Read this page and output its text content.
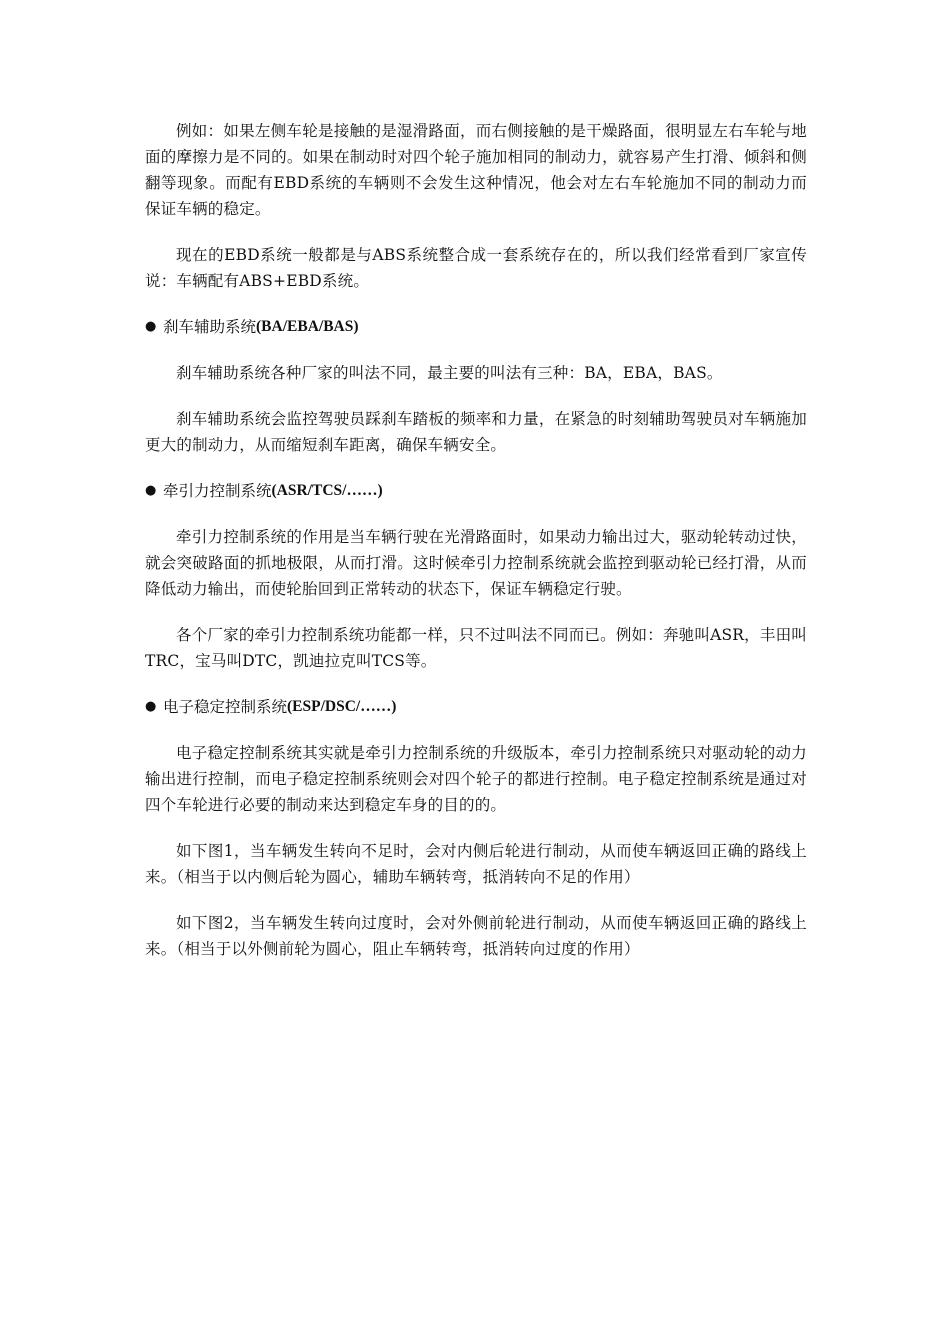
例如：如果左侧车轮是接触的是湿滑路面，而右侧接触的是干燥路面，很明显左右车轮与地面的摩擦力是不同的。如果在制动时对四个轮子施加相同的制动力，就容易产生打滑、倾斜和侧翻等现象。而配有EBD系统的车辆则不会发生这种情况，他会对左右车轮施加不同的制动力而保证车辆的稳定。

现在的EBD系统一般都是与ABS系统整合成一套系统存在的，所以我们经常看到厂家宣传说：车辆配有ABS+EBD系统。

● 刹车辅助系统 (BA/EBA/BAS)

刹车辅助系统各种厂家的叫法不同，最主要的叫法有三种：BA，EBA，BAS。

刹车辅助系统会监控驾驶员踩刹车踏板的频率和力量，在紧急的时刻辅助驾驶员对车辆施加更大的制动力，从而缩短刹车距离，确保车辆安全。

● 牵引力控制系统 (ASR/TCS/……)

牵引力控制系统的作用是当车辆行驶在光滑路面时，如果动力输出过大，驱动轮转动过快，就会突破路面的抓地极限，从而打滑。这时候牵引力控制系统就会监控到驱动轮已经打滑，从而降低动力输出，而使轮胎回到正常转动的状态下，保证车辆稳定行驶。

各个厂家的牵引力控制系统功能都一样，只不过叫法不同而已。例如：奔驰叫ASR，丰田叫TRC，宝马叫DTC，凯迪拉克叫TCS等。

● 电子稳定控制系统 (ESP/DSC/……)

电子稳定控制系统其实就是牵引力控制系统的升级版本，牵引力控制系统只对驱动轮的动力输出进行控制，而电子稳定控制系统则会对四个轮子的都进行控制。电子稳定控制系统是通过对四个车轮进行必要的制动来达到稳定车身的目的的。

如下图1，当车辆发生转向不足时，会对内侧后轮进行制动，从而使车辆返回正确的路线上来。（相当于以内侧后轮为圆心，辅助车辆转弯，抵消转向不足的作用）

如下图2，当车辆发生转向过度时，会对外侧前轮进行制动，从而使车辆返回正确的路线上来。（相当于以外侧前轮为圆心，阻止车辆转弯，抵消转向过度的作用）
